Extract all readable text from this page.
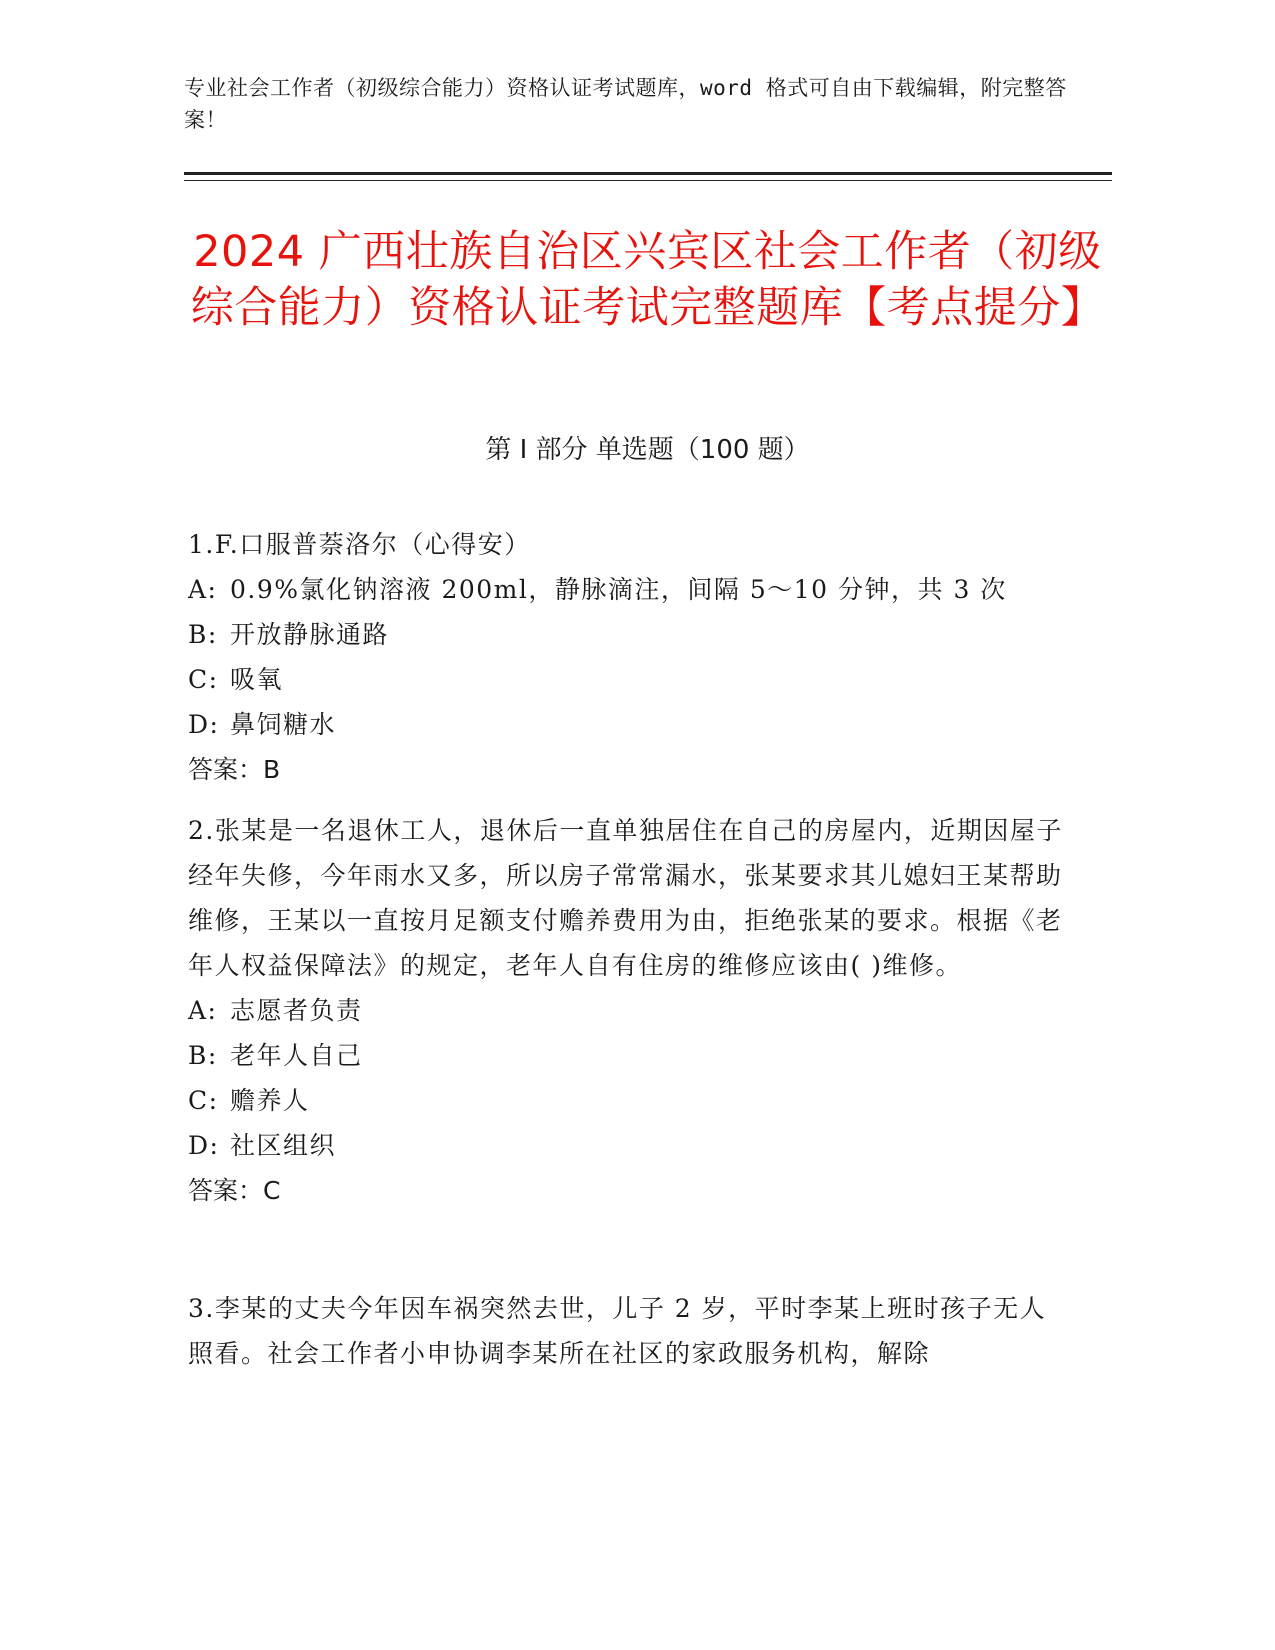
专业社会工作者（初级综合能力）资格认证考试题库，word 格式可自由下载编辑，附完整答案！
2024 广西壮族自治区兴宾区社会工作者（初级综合能力）资格认证考试完整题库【考点提分】
第 I 部分 单选题（100 题）

1.F.口服普萘洛尔（心得安）

A: 0.9%氯化钠溶液 200ml，静脉滴注，间隔 5～10 分钟，共 3 次

B: 开放静脉通路

C: 吸氧

D: 鼻饲糖水

答案：B

2.张某是一名退休工人，退休后一直单独居住在自己的房屋内，近期因屋子经年失修，今年雨水又多，所以房子常常漏水，张某要求其儿媳妇王某帮助维修，王某以一直按月足额支付赡养费用为由，拒绝张某的要求。根据《老年人权益保障法》的规定，老年人自有住房的维修应该由( )维修。

A: 志愿者负责

B: 老年人自己

C: 赡养人

D: 社区组织

答案：C

3.李某的丈夫今年因车祸突然去世，儿子 2 岁，平时李某上班时孩子无人照看。社会工作者小申协调李某所在社区的家政服务机构，解除
